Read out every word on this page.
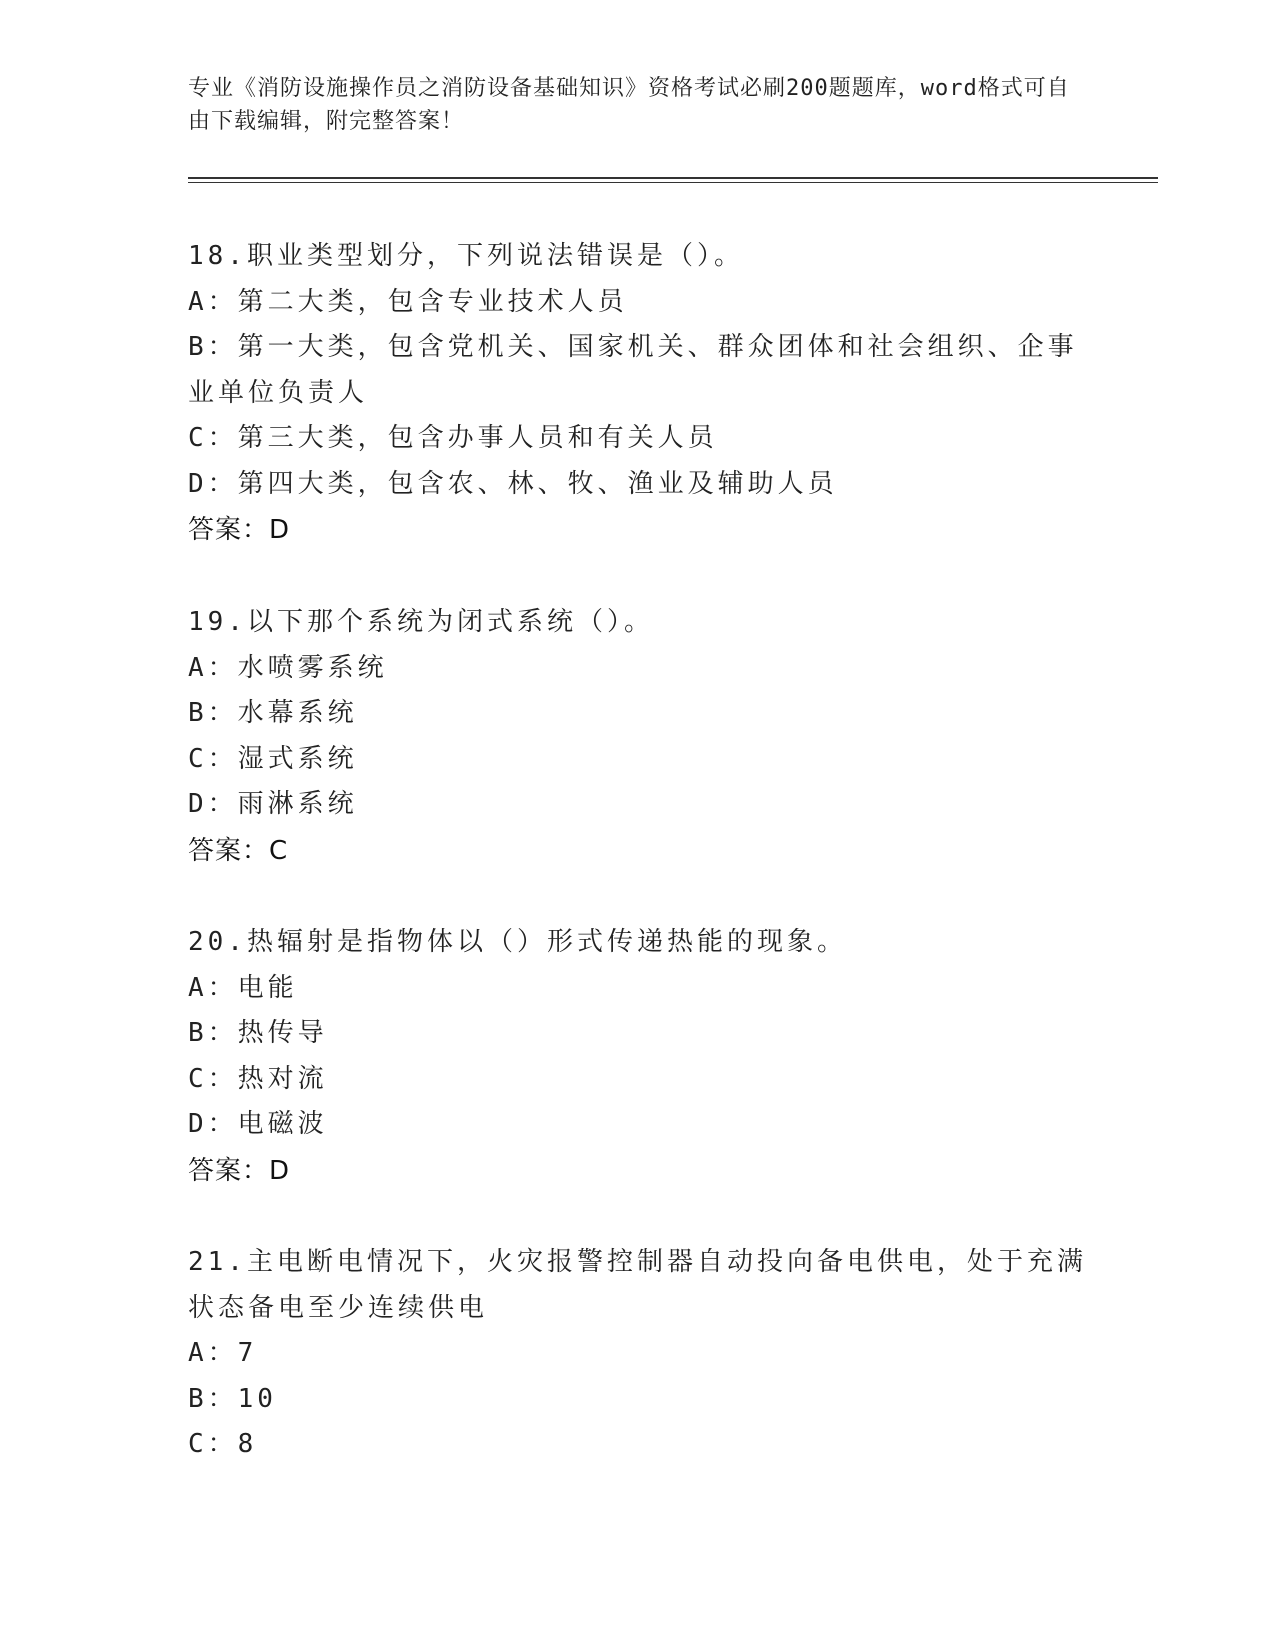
专业《消防设施操作员之消防设备基础知识》资格考试必刷200题题库，word格式可自由下载编辑，附完整答案！
18.职业类型划分，下列说法错误是（）。
A：第二大类，包含专业技术人员
B：第一大类，包含党机关、国家机关、群众团体和社会组织、企事业单位负责人
C：第三大类，包含办事人员和有关人员
D：第四大类，包含农、林、牧、渔业及辅助人员
答案：D
19.以下那个系统为闭式系统（）。
A：水喷雾系统
B：水幕系统
C：湿式系统
D：雨淋系统
答案：C
20.热辐射是指物体以（）形式传递热能的现象。
A：电能
B：热传导
C：热对流
D：电磁波
答案：D
21.主电断电情况下，火灾报警控制器自动投向备电供电，处于充满状态备电至少连续供电
A：7
B：10
C：8
